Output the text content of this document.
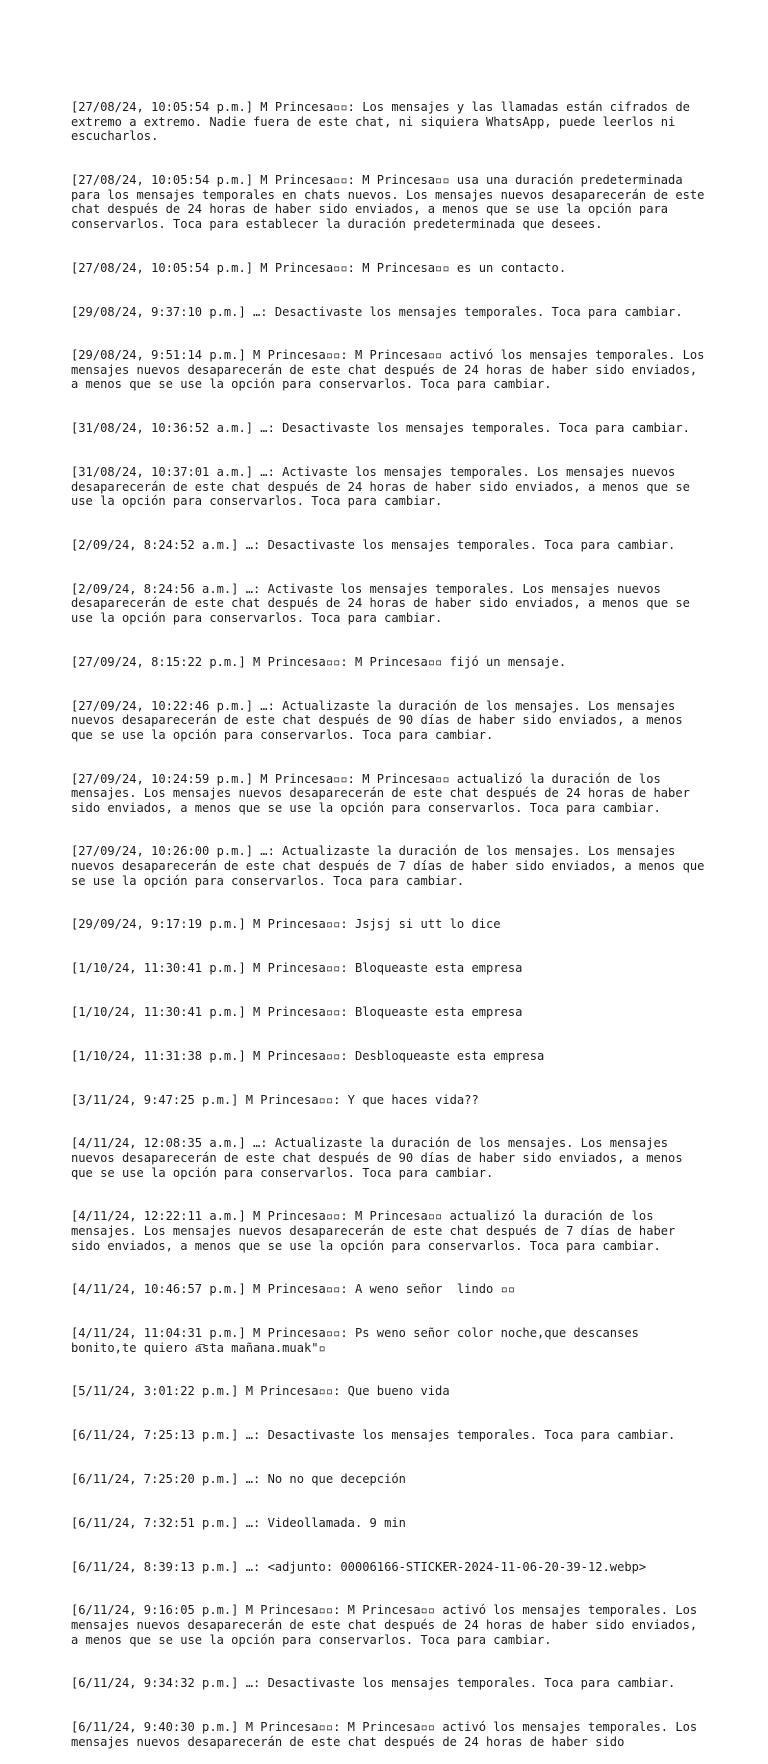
[27/08/24, 10:05:54 p.m.] M Princesa▫▫: Los mensajes y las llamadas están cifrados de extremo a extremo. Nadie fuera de este chat, ni siquiera WhatsApp, puede leerlos ni escucharlos.

[27/08/24, 10:05:54 p.m.] M Princesa▫▫: M Princesa▫▫ usa una duración predeterminada para los mensajes temporales en chats nuevos. Los mensajes nuevos desaparecerán de este chat después de 24 horas de haber sido enviados, a menos que se use la opción para conservarlos. Toca para establecer la duración predeterminada que desees.

[27/08/24, 10:05:54 p.m.] M Princesa▫▫: M Princesa▫▫ es un contacto.

[29/08/24, 9:37:10 p.m.] …: Desactivaste los mensajes temporales. Toca para cambiar.

[29/08/24, 9:51:14 p.m.] M Princesa▫▫: M Princesa▫▫ activó los mensajes temporales. Los mensajes nuevos desaparecerán de este chat después de 24 horas de haber sido enviados, a menos que se use la opción para conservarlos. Toca para cambiar.

[31/08/24, 10:36:52 a.m.] …: Desactivaste los mensajes temporales. Toca para cambiar.

[31/08/24, 10:37:01 a.m.] …: Activaste los mensajes temporales. Los mensajes nuevos desaparecerán de este chat después de 24 horas de haber sido enviados, a menos que se use la opción para conservarlos. Toca para cambiar.

[2/09/24, 8:24:52 a.m.] …: Desactivaste los mensajes temporales. Toca para cambiar.

[2/09/24, 8:24:56 a.m.] …: Activaste los mensajes temporales. Los mensajes nuevos desaparecerán de este chat después de 24 horas de haber sido enviados, a menos que se use la opción para conservarlos. Toca para cambiar.

[27/09/24, 8:15:22 p.m.] M Princesa▫▫: M Princesa▫▫ fijó un mensaje.

[27/09/24, 10:22:46 p.m.] …: Actualizaste la duración de los mensajes. Los mensajes nuevos desaparecerán de este chat después de 90 días de haber sido enviados, a menos que se use la opción para conservarlos. Toca para cambiar.

[27/09/24, 10:24:59 p.m.] M Princesa▫▫: M Princesa▫▫ actualizó la duración de los mensajes. Los mensajes nuevos desaparecerán de este chat después de 24 horas de haber sido enviados, a menos que se use la opción para conservarlos. Toca para cambiar.

[27/09/24, 10:26:00 p.m.] …: Actualizaste la duración de los mensajes. Los mensajes nuevos desaparecerán de este chat después de 7 días de haber sido enviados, a menos que se use la opción para conservarlos. Toca para cambiar.

[29/09/24, 9:17:19 p.m.] M Princesa▫▫: Jsjsj si utt lo dice

[1/10/24, 11:30:41 p.m.] M Princesa▫▫: Bloqueaste esta empresa

[1/10/24, 11:30:41 p.m.] M Princesa▫▫: Bloqueaste esta empresa

[1/10/24, 11:31:38 p.m.] M Princesa▫▫: Desbloqueaste esta empresa

[3/11/24, 9:47:25 p.m.] M Princesa▫▫: Y que haces vida??

[4/11/24, 12:08:35 a.m.] …: Actualizaste la duración de los mensajes. Los mensajes nuevos desaparecerán de este chat después de 90 días de haber sido enviados, a menos que se use la opción para conservarlos. Toca para cambiar.

[4/11/24, 12:22:11 a.m.] M Princesa▫▫: M Princesa▫▫ actualizó la duración de los mensajes. Los mensajes nuevos desaparecerán de este chat después de 7 días de haber sido enviados, a menos que se use la opción para conservarlos. Toca para cambiar.

[4/11/24, 10:46:57 p.m.] M Princesa▫▫: A weno señor  lindo ▫▫

[4/11/24, 11:04:31 p.m.] M Princesa▫▫: Ps weno señor color noche,que descanses bonito,te quiero a͞sta mañana.muak"▫

[5/11/24, 3:01:22 p.m.] M Princesa▫▫: Que bueno vida

[6/11/24, 7:25:13 p.m.] …: Desactivaste los mensajes temporales. Toca para cambiar.

[6/11/24, 7:25:20 p.m.] …: No no que decepción

[6/11/24, 7:32:51 p.m.] …: Videollamada. 9 min

[6/11/24, 8:39:13 p.m.] …: <adjunto: 00006166-STICKER-2024-11-06-20-39-12.webp>

[6/11/24, 9:16:05 p.m.] M Princesa▫▫: M Princesa▫▫ activó los mensajes temporales. Los mensajes nuevos desaparecerán de este chat después de 24 horas de haber sido enviados, a menos que se use la opción para conservarlos. Toca para cambiar.

[6/11/24, 9:34:32 p.m.] …: Desactivaste los mensajes temporales. Toca para cambiar.

[6/11/24, 9:40:30 p.m.] M Princesa▫▫: M Princesa▫▫ activó los mensajes temporales. Los mensajes nuevos desaparecerán de este chat después de 24 horas de haber sido
